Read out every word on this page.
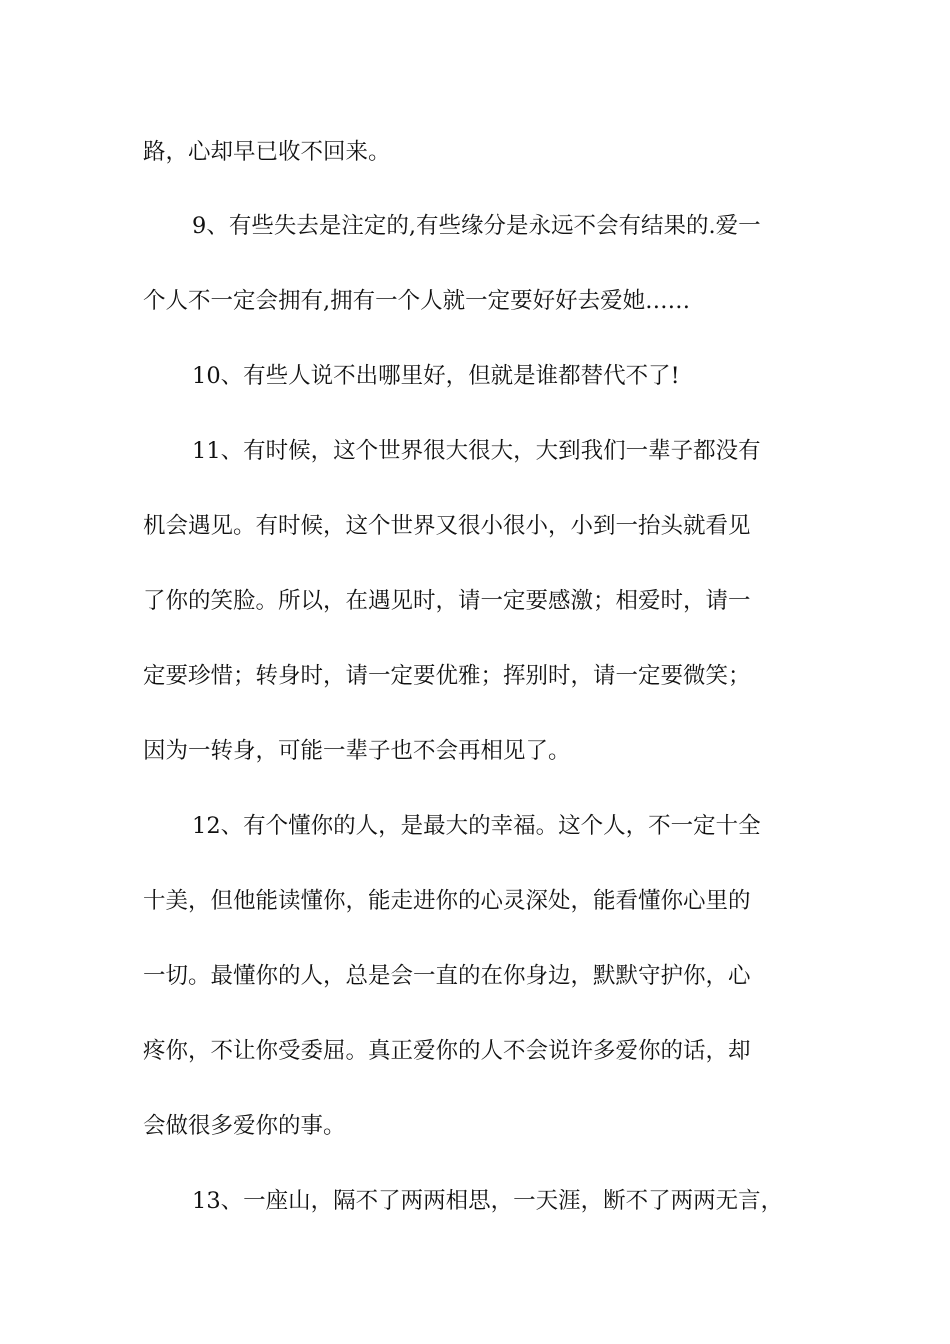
路，心却早已收不回来。
9、有些失去是注定的,有些缘分是永远不会有结果的.爱一
个人不一定会拥有,拥有一个人就一定要好好去爱她……
10、有些人说不出哪里好，但就是谁都替代不了!
11、有时候，这个世界很大很大，大到我们一辈子都没有
机会遇见。有时候，这个世界又很小很小，小到一抬头就看见
了你的笑脸。所以，在遇见时，请一定要感激；相爱时，请一
定要珍惜；转身时，请一定要优雅；挥别时，请一定要微笑；
因为一转身，可能一辈子也不会再相见了。
12、有个懂你的人，是最大的幸福。这个人，不一定十全
十美，但他能读懂你，能走进你的心灵深处，能看懂你心里的
一切。最懂你的人，总是会一直的在你身边，默默守护你，心
疼你，不让你受委屈。真正爱你的人不会说许多爱你的话，却
会做很多爱你的事。
13、一座山，隔不了两两相思，一天涯，断不了两两无言，
